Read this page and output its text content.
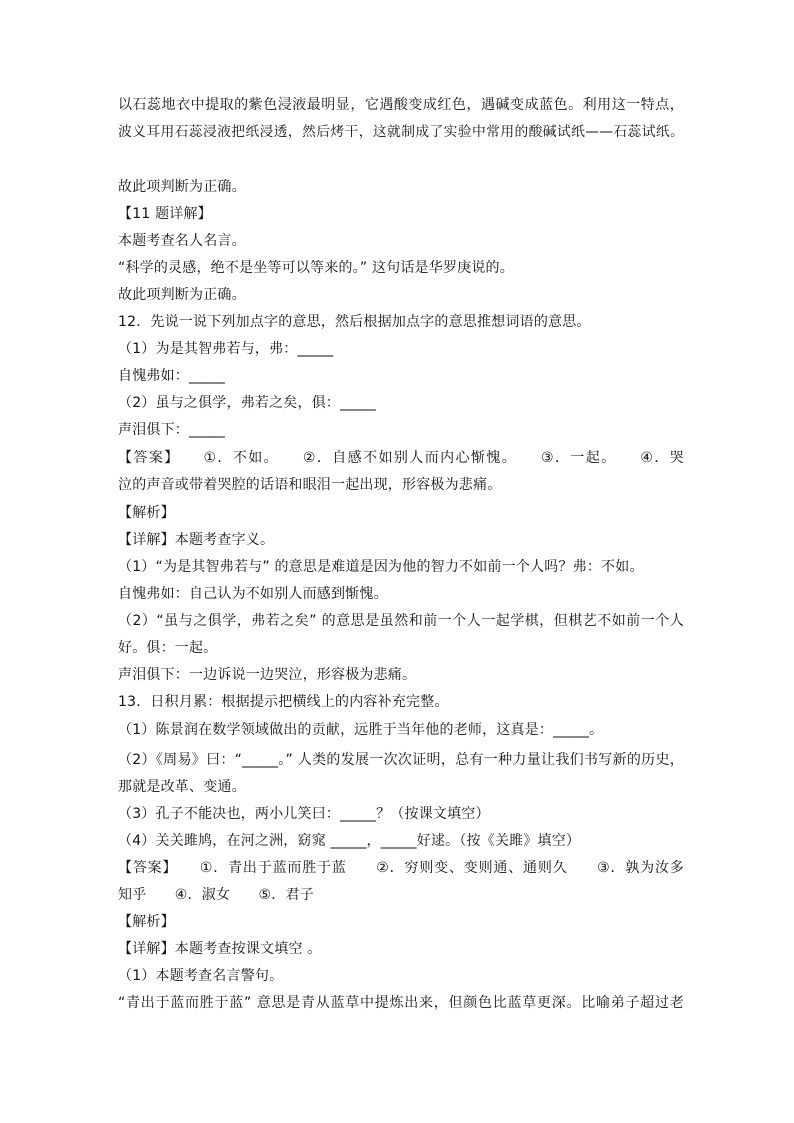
以石蕊地衣中提取的紫色浸液最明显，它遇酸变成红色，遇碱变成蓝色。利用这一特点，
波义耳用石蕊浸液把纸浸透，然后烤干，这就制成了实验中常用的酸碱试纸——石蕊试纸。
故此项判断为正确。
【11 题详解】
本题考查名人名言。
“科学的灵感，绝不是坐等可以等来的。” 这句话是华罗庚说的。
故此项判断为正确。
12．先说一说下列加点字的意思，然后根据加点字的意思推想词语的意思。
（1）为是其智弗若与，弗：_____
自愧弗如：_____
（2）虽与之俱学，弗若之矣，俱：_____
声泪俱下：_____
【答案】　　①．不如。　　②．自感不如别人而内心惭愧。　　③．一起。　　④．哭
泣的声音或带着哭腔的话语和眼泪一起出现，形容极为悲痛。
【解析】
【详解】本题考查字义。
（1）“为是其智弗若与” 的意思是难道是因为他的智力不如前一个人吗？弗：不如。
自愧弗如：自己认为不如别人而感到惭愧。
（2）“虽与之俱学，弗若之矣” 的意思是虽然和前一个人一起学棋，但棋艺不如前一个人
好。俱：一起。
声泪俱下：一边诉说一边哭泣，形容极为悲痛。
13．日积月累：根据提示把横线上的内容补充完整。
（1）陈景润在数学领域做出的贡献，远胜于当年他的老师，这真是：_____。
（2）《周易》曰：“_____。” 人类的发展一次次证明，总有一种力量让我们书写新的历史，
那就是改革、变通。
（3）孔子不能决也，两小儿笑曰：_____？（按课文填空）
（4）关关雎鸠，在河之洲，窈窕 _____，_____好逑。（按《关雎》填空）
【答案】　　①．青出于蓝而胜于蓝　　②．穷则变、变则通、通则久　　③．孰为汝多
知乎　　④．淑女　　⑤．君子
【解析】
【详解】本题考查按课文填空 。
（1）本题考查名言警句。
“青出于蓝而胜于蓝” 意思是青从蓝草中提炼出来，但颜色比蓝草更深。比喻弟子超过老
